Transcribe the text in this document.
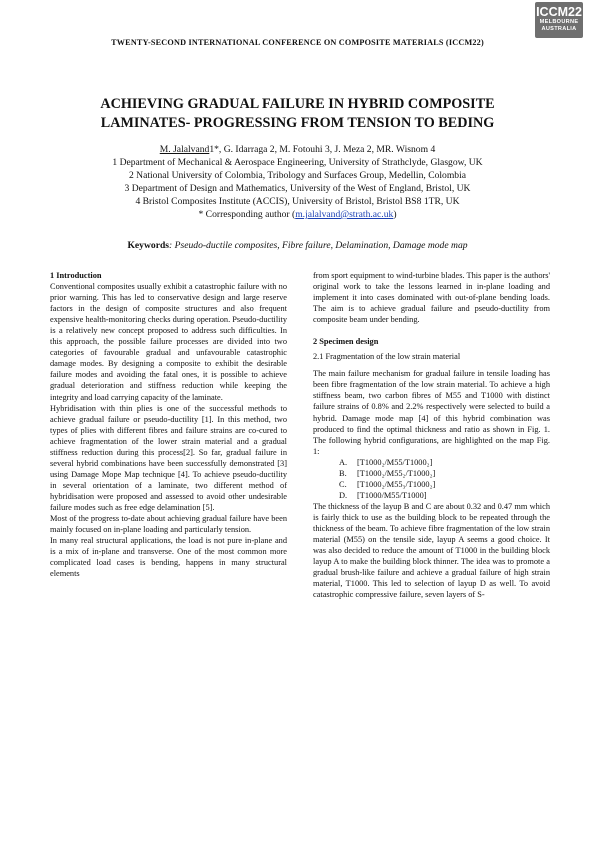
TWENTY-SECOND INTERNATIONAL CONFERENCE ON COMPOSITE MATERIALS (ICCM22)
ICCM22
MELBOURNE
AUSTRALIA
ACHIEVING GRADUAL FAILURE IN HYBRID COMPOSITE
LAMINATES- PROGRESSING FROM TENSION TO BEDING
M. Jalalvand1*, G. Idarraga 2, M. Fotouhi 3, J. Meza 2, MR. Wisnom 4
1 Department of Mechanical & Aerospace Engineering, University of Strathclyde, Glasgow, UK
2 National University of Colombia, Tribology and Surfaces Group, Medellin, Colombia
3 Department of Design and Mathematics, University of the West of England, Bristol, UK
4 Bristol Composites Institute (ACCIS), University of Bristol, Bristol BS8 1TR, UK
* Corresponding author (m.jalalvand@strath.ac.uk)
Keywords: Pseudo-ductile composites, Fibre failure, Delamination, Damage mode map

1 Introduction

Conventional composites usually exhibit a catastrophic failure with no prior warning. This has led to conservative design and large reserve factors in the design of composite structures and also frequent expensive health-monitoring checks during operation. Pseudo-ductility is a relatively new concept proposed to address such difficulties. In this approach, the possible failure processes are divided into two categories of favourable gradual and unfavourable catastrophic damage modes. By designing a composite to exhibit the desirable failure modes and avoiding the fatal ones, it is possible to achieve gradual deterioration and stiffness reduction while keeping the integrity and load carrying capacity of the laminate.

Hybridisation with thin plies is one of the successful methods to achieve gradual failure or pseudo-ductility [1]. In this method, two types of plies with different fibres and failure strains are co-cured to achieve fragmentation of the lower strain material and a gradual stiffness reduction during this process[2]. So far, gradual failure in several hybrid combinations have been successfully demonstrated [3] using Damage Mope Map technique [4]. To achieve pseudo-ductility in several orientation of a laminate, two different method of hybridisation were proposed and assessed to avoid other undesirable failure modes such as free edge delamination [5].

Most of the progress to-date about achieving gradual failure have been mainly focused on in-plane loading and particularly tension.

In many real structural applications, the load is not pure in-plane and is a mix of in-plane and transverse. One of the most common more complicated load cases is bending, happens in many structural elements

from sport equipment to wind-turbine blades. This paper is the authors' original work to take the lessons learned in in-plane loading and implement it into cases dominated with out-of-plane bending loads. The aim is to achieve gradual failure and pseudo-ductility from composite beam under bending.

2 Specimen design

2.1 Fragmentation of the low strain material

The main failure mechanism for gradual failure in tensile loading has been fibre fragmentation of the low strain material. To achieve a high stiffness beam, two carbon fibres of M55 and T1000 with distinct failure strains of 0.8% and 2.2% respectively were selected to build a hybrid. Damage mode map [4] of this hybrid combination was produced to find the optimal thickness and ratio as shown in Fig. 1. The following hybrid configurations, are highlighted on the map Fig. 1:

A. [T1000₂/M55/T1000₂]
B. [T1000₂/M55₂/T1000₂]
C. [T1000₂/M55₃/T1000₂]
D. [T1000/M55/T1000]

The thickness of the layup B and C are about 0.32 and 0.47 mm which is fairly thick to use as the building block to be repeated through the thickness of the beam. To achieve fibre fragmentation of the low strain material (M55) on the tensile side, layup A seems a good choice. It was also decided to reduce the amount of T1000 in the building block layup A to make the building block thinner. The idea was to promote a gradual brush-like failure and achieve a gradual failure of high strain material, T1000. This led to selection of layup D as well. To avoid catastrophic compressive failure, seven layers of S-
